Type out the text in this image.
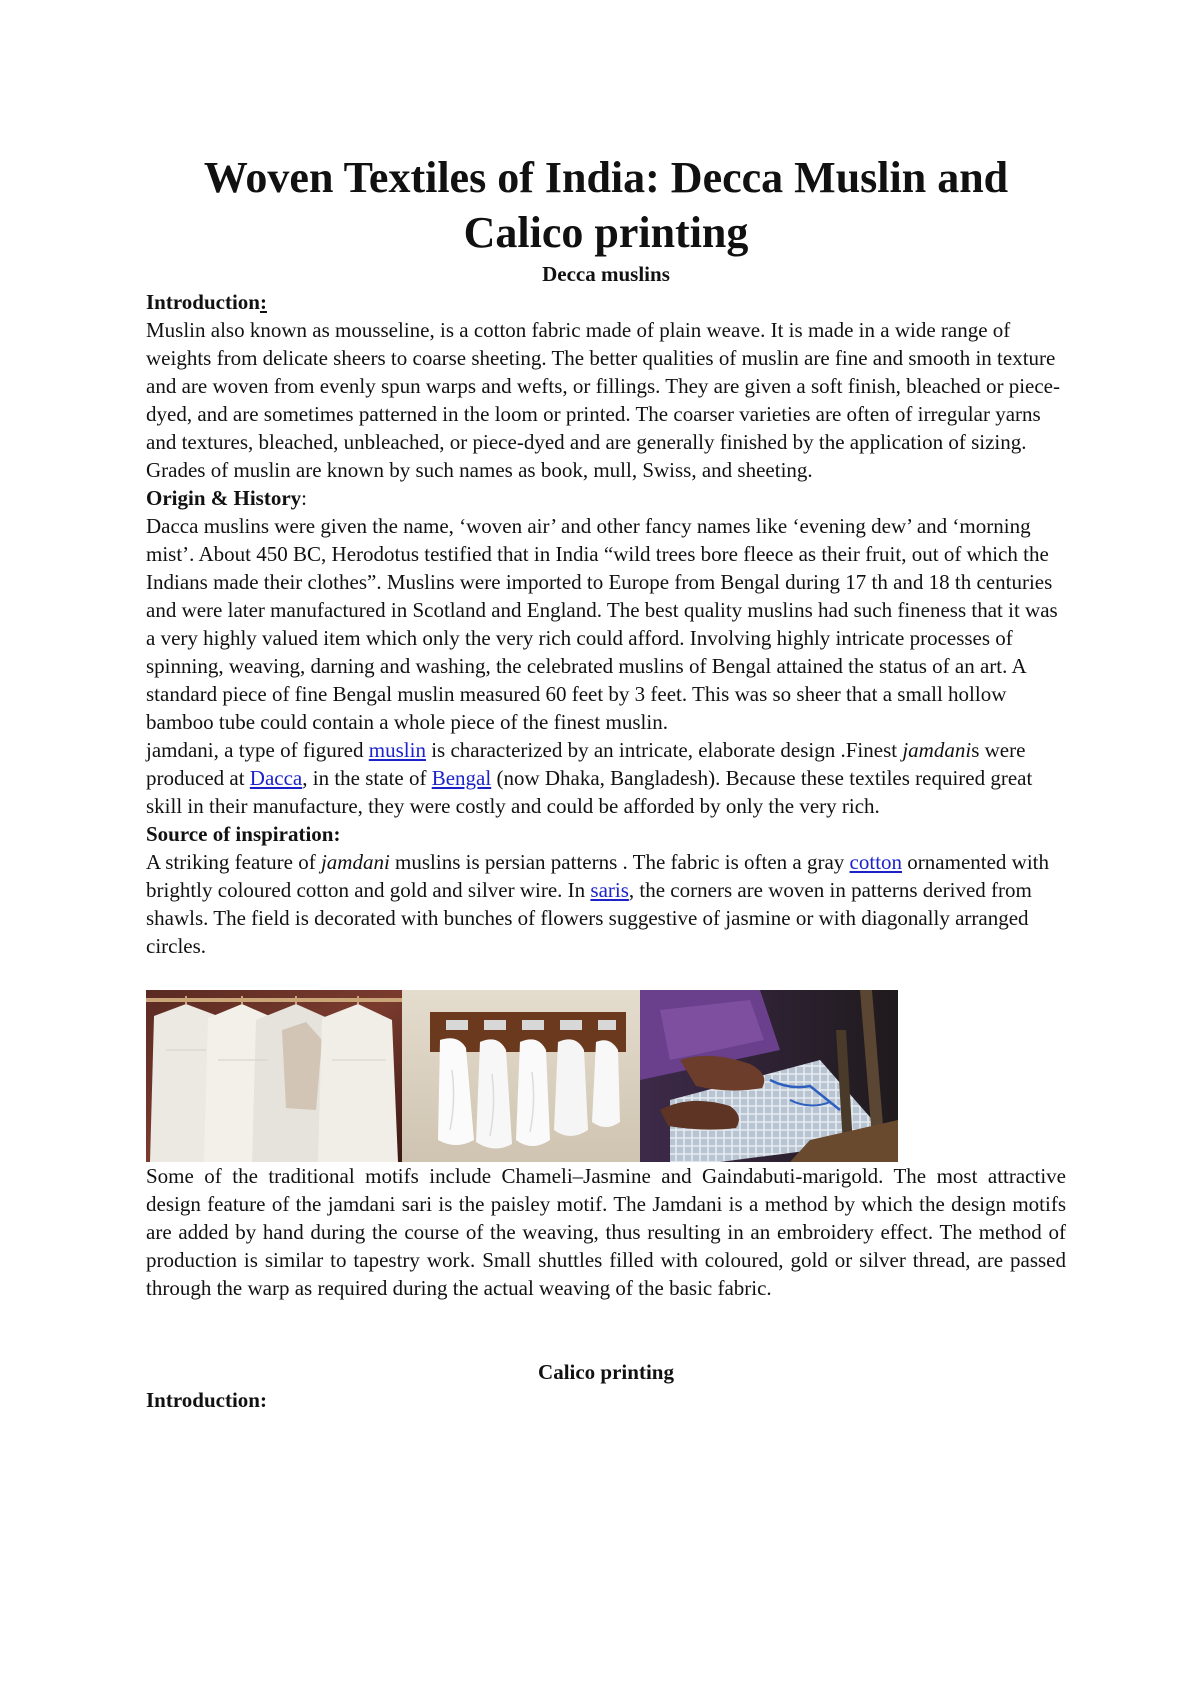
Woven Textiles of India: Decca Muslin and Calico printing

Decca muslins

Introduction:

Muslin also known as mousseline, is a cotton fabric made of plain weave. It is made in a wide range of weights from delicate sheers to coarse sheeting. The better qualities of muslin are fine and smooth in texture and are woven from evenly spun warps and wefts, or fillings. They are given a soft finish, bleached or piece-dyed, and are sometimes patterned in the loom or printed. The coarser varieties are often of irregular yarns and textures, bleached, unbleached, or piece-dyed and are generally finished by the application of sizing. Grades of muslin are known by such names as book, mull, Swiss, and sheeting.

Origin & History:

Dacca muslins were given the name, ‘woven air’ and other fancy names like ‘evening dew’ and ‘morning mist’. About 450 BC, Herodotus testified that in India “wild trees bore fleece as their fruit, out of which the Indians made their clothes”. Muslins were imported to Europe from Bengal during 17 th and 18 th centuries and were later manufactured in Scotland and England. The best quality muslins had such fineness that it was a very highly valued item which only the very rich could afford. Involving highly intricate processes of spinning, weaving, darning and washing, the celebrated muslins of Bengal attained the status of an art. A standard piece of fine Bengal muslin measured 60 feet by 3 feet. This was so sheer that a small hollow bamboo tube could contain a whole piece of the finest muslin.

jamdani, a type of figured muslin is characterized by an intricate, elaborate design .Finest jamdanis were produced at Dacca, in the state of Bengal (now Dhaka, Bangladesh). Because these textiles required great skill in their manufacture, they were costly and could be afforded by only the very rich.

Source of inspiration:

A striking feature of jamdani muslins is persian patterns . The fabric is often a gray cotton ornamented with brightly coloured cotton and gold and silver wire. In saris, the corners are woven in patterns derived from shawls. The field is decorated with bunches of flowers suggestive of jasmine or with diagonally arranged circles.

Some of the traditional motifs include Chameli–Jasmine and Gaindabuti-marigold. The most attractive design feature of the jamdani sari is the paisley motif. The Jamdani is a method by which the design motifs are added by hand during the course of the weaving, thus resulting in an embroidery effect. The method of production is similar to tapestry work. Small shuttles filled with coloured, gold or silver thread, are passed through the warp as required during the actual weaving of the basic fabric.

Calico printing

Introduction:
